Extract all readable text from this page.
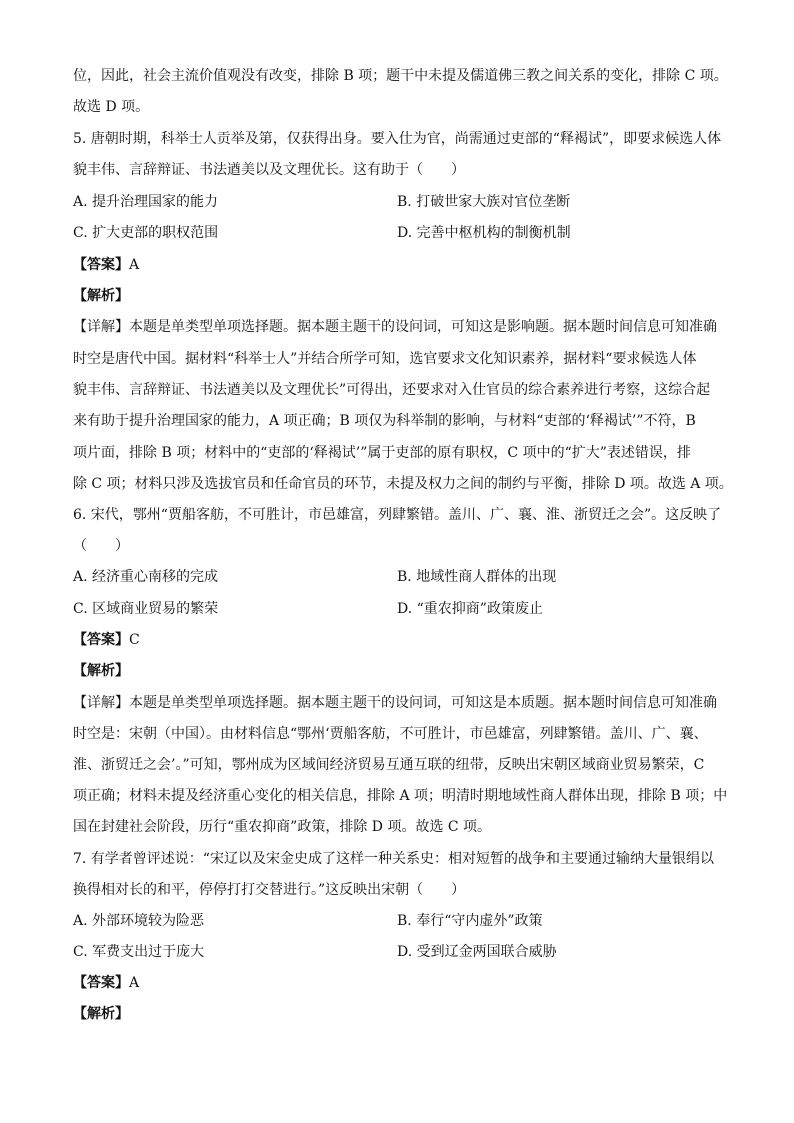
位，因此，社会主流价值观没有改变，排除 B 项；题干中未提及儒道佛三教之间关系的变化，排除 C 项。
故选 D 项。
5. 唐朝时期，科举士人贡举及第，仅获得出身。要入仕为官，尚需通过吏部的“释褐试”，即要求候选人体
貌丰伟、言辞辩证、书法遒美以及文理优长。这有助于（　　）
A. 提升治理国家的能力	B. 打破世家大族对官位垄断
C. 扩大吏部的职权范围	D. 完善中枢机构的制衡机制
【答案】A
【解析】
【详解】本题是单类型单项选择题。据本题主题干的设问词，可知这是影响题。据本题时间信息可知准确
时空是唐代中国。据材料“科举士人”并结合所学可知，选官要求文化知识素养，据材料“要求候选人体
貌丰伟、言辞辩证、书法遒美以及文理优长”可得出，还要求对入仕官员的综合素养进行考察，这综合起
来有助于提升治理国家的能力，A 项正确；B 项仅为科举制的影响，与材料“吏部的‘释褐试’”不符，B
项片面，排除 B 项；材料中的“吏部的‘释褐试’”属于吏部的原有职权，C 项中的“扩大”表述错误，排
除 C 项；材料只涉及选拔官员和任命官员的环节，未提及权力之间的制约与平衡，排除 D 项。故选 A 项。
6. 宋代，鄂州“贾船客舫，不可胜计，市邑雄富，列肆繁错。盖川、广、襄、淮、浙贸迁之会”。这反映了
（　　）
A. 经济重心南移的完成	B. 地域性商人群体的出现
C. 区域商业贸易的繁荣	D. “重农抑商”政策废止
【答案】C
【解析】
【详解】本题是单类型单项选择题。据本题主题干的设问词，可知这是本质题。据本题时间信息可知准确
时空是：宋朝（中国）。由材料信息“鄂州‘贾船客舫，不可胜计，市邑雄富，列肆繁错。盖川、广、襄、
淮、浙贸迁之会’。”可知，鄂州成为区域间经济贸易互通互联的纽带，反映出宋朝区域商业贸易繁荣，C
项正确；材料未提及经济重心变化的相关信息，排除 A 项；明清时期地域性商人群体出现，排除 B 项；中
国在封建社会阶段，历行“重农抑商”政策，排除 D 项。故选 C 项。
7. 有学者曾评述说：“宋辽以及宋金史成了这样一种关系史：相对短暂的战争和主要通过输纳大量银绢以
换得相对长的和平，停停打打交替进行。”这反映出宋朝（　　）
A. 外部环境较为险恶	B. 奉行“守内虚外”政策
C. 军费支出过于庞大	D. 受到辽金两国联合威胁
【答案】A
【解析】
